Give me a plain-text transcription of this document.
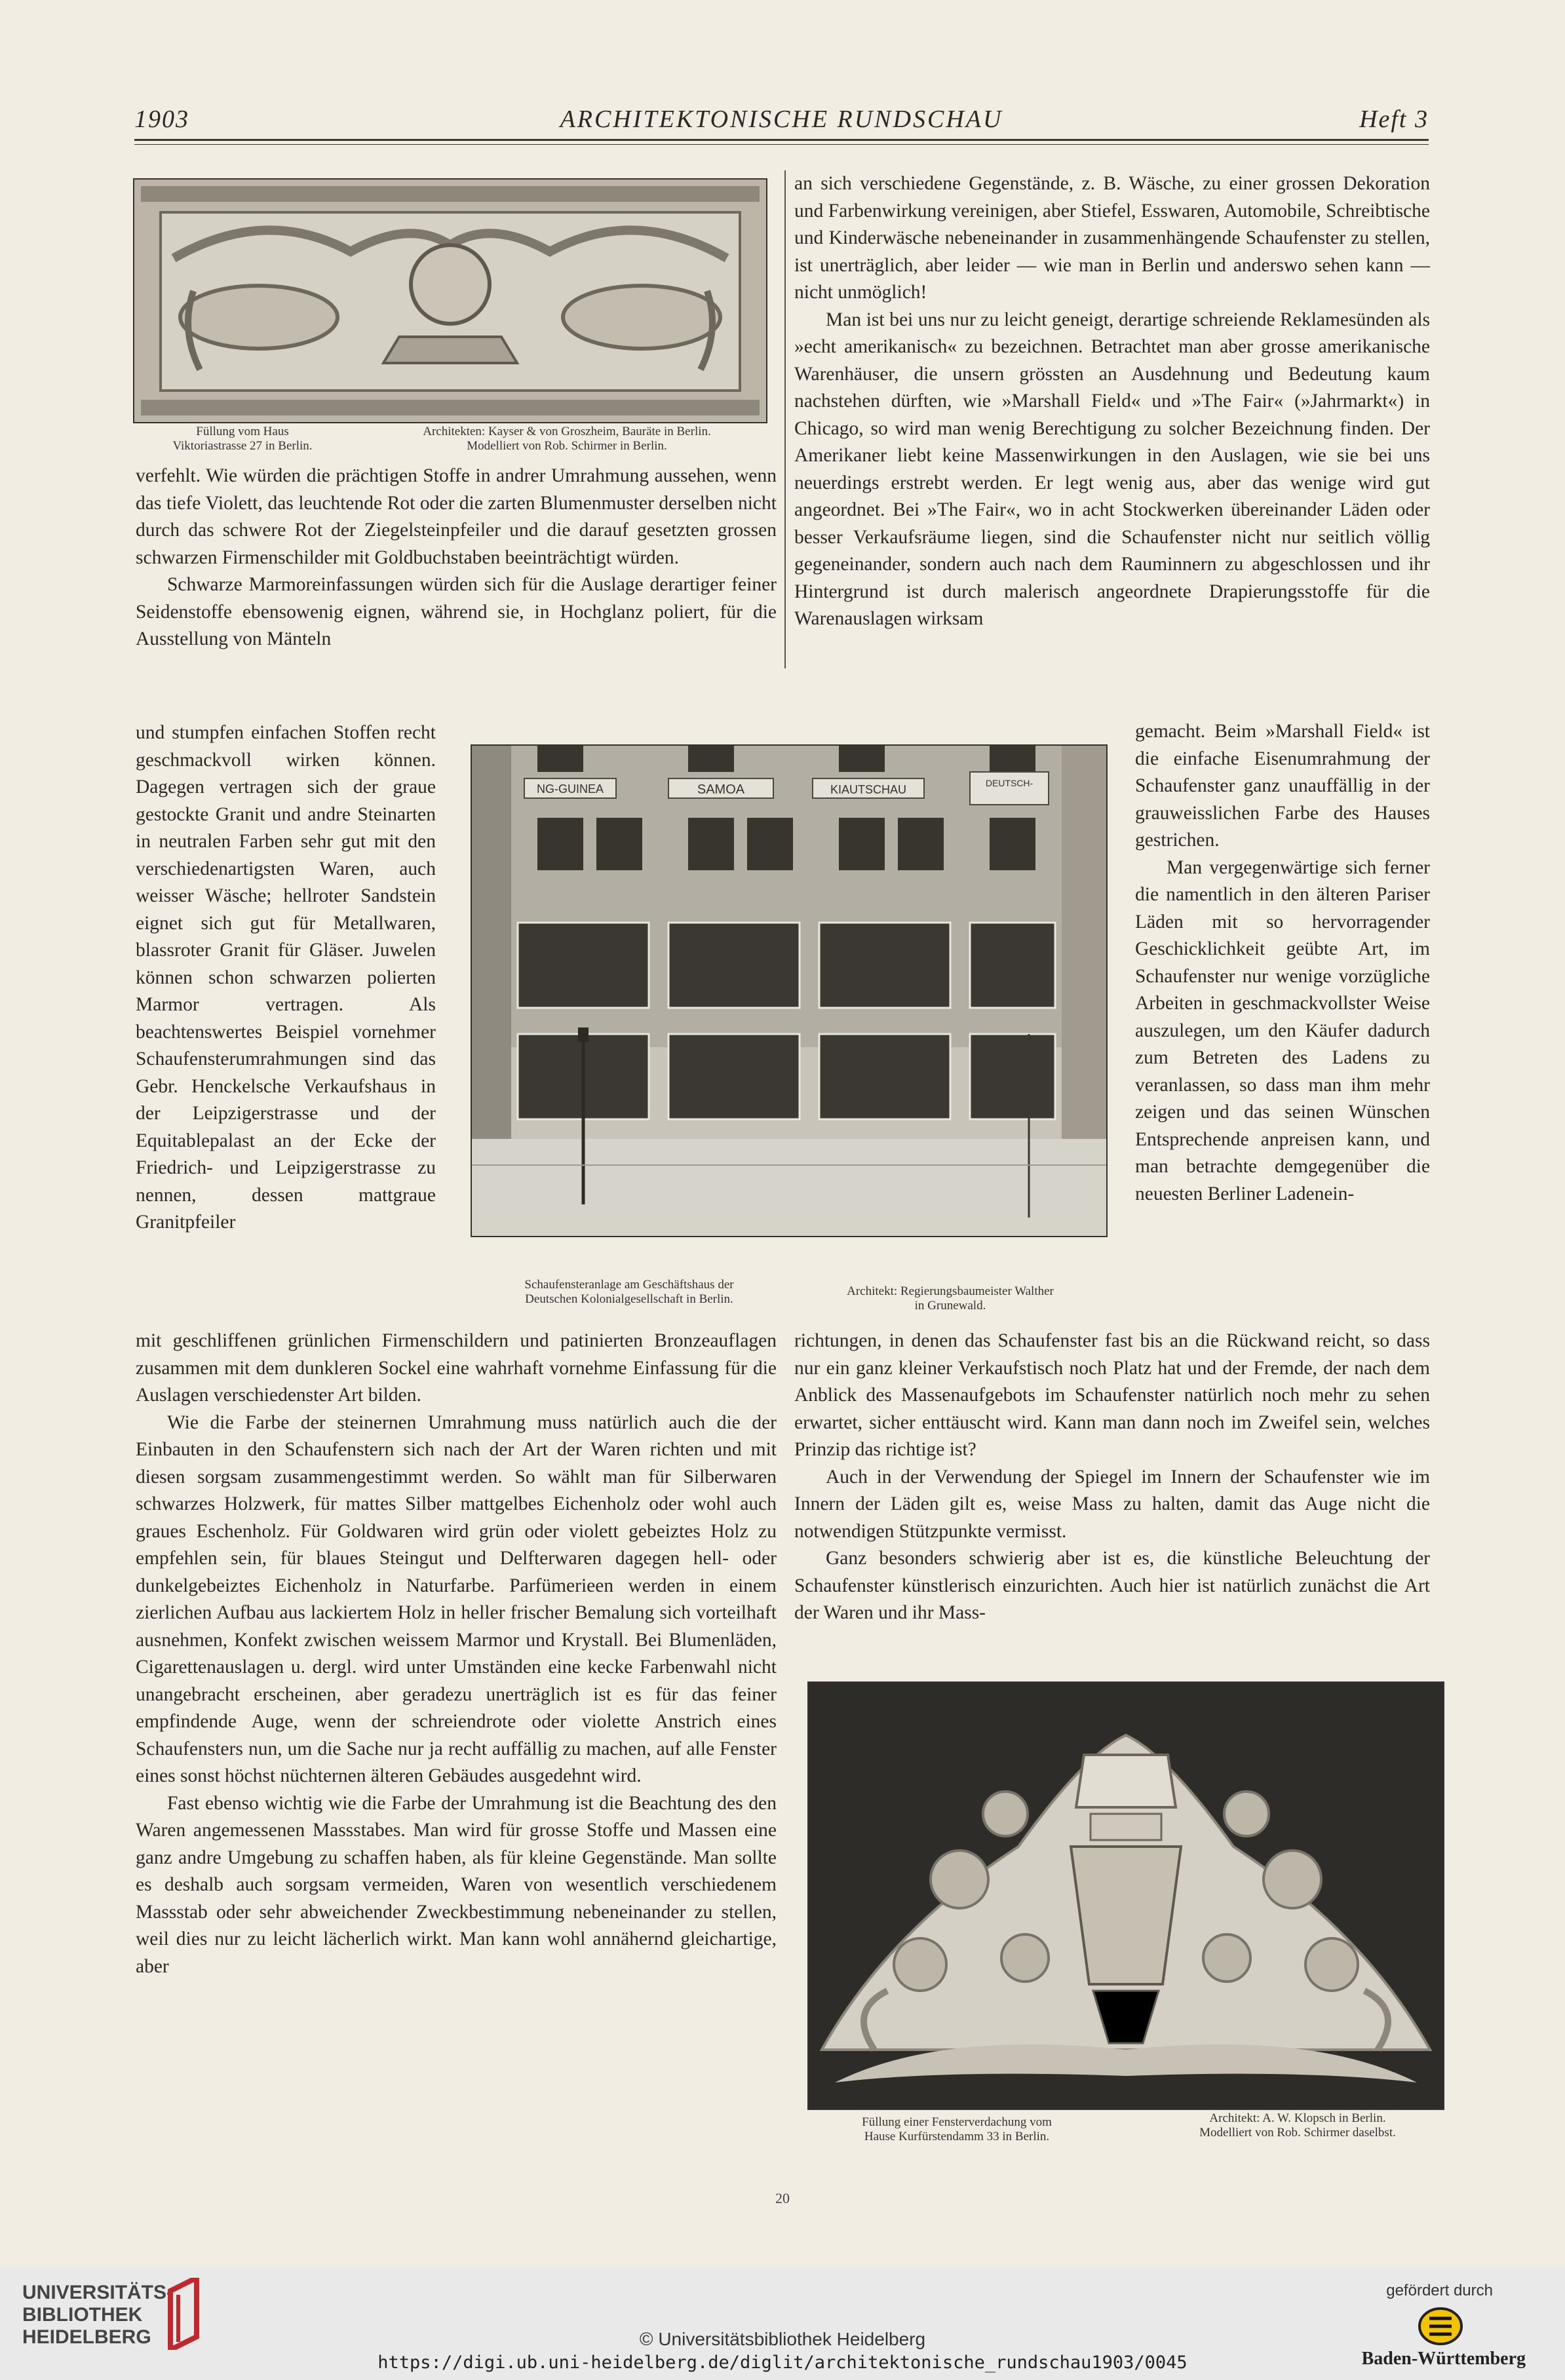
1903	ARCHITEKTONISCHE RUNDSCHAU	Heft 3
Füllung vom Haus
Viktoriastrasse 27 in Berlin.
Architekten: Kayser & von Groszheim, Bauräte in Berlin.
Modelliert von Rob. Schirmer in Berlin.

verfehlt. Wie würden die prächtigen Stoffe in andrer Umrahmung aussehen, wenn das tiefe Violett, das leuchtende Rot oder die zarten Blumenmuster derselben nicht durch das schwere Rot der Ziegelsteinpfeiler und die darauf gesetzten grossen schwarzen Firmenschilder mit Goldbuchstaben beeinträchtigt würden.

Schwarze Marmoreinfassungen würden sich für die Auslage derartiger feiner Seidenstoffe ebensowenig eignen, während sie, in Hochglanz poliert, für die Ausstellung von Mänteln

und stumpfen einfachen Stoffen recht geschmackvoll wirken können. Dagegen vertragen sich der graue gestockte Granit und andre Steinarten in neutralen Farben sehr gut mit den verschiedenartigsten Waren, auch weisser Wäsche; hellroter Sandstein eignet sich gut für Metallwaren, blassroter Granit für Gläser. Juwelen können schon schwarzen polierten Marmor vertragen. Als beachtenswertes Beispiel vornehmer Schaufensterumrahmungen sind das Gebr. Henckelsche Verkaufshaus in der Leipzigerstrasse und der Equitablepalast an der Ecke der Friedrich- und Leipzigerstrasse zu nennen, dessen mattgraue Granitpfeiler

NG-GUINEA	SAMOA	KIAUTSCHAU	DEUTSCH-
Schaufensteranlage am Geschäftshaus der
Deutschen Kolonialgesellschaft in Berlin.
Architekt: Regierungsbaumeister Walther
in Grunewald.

mit geschliffenen grünlichen Firmenschildern und patinierten Bronzeauflagen zusammen mit dem dunkleren Sockel eine wahrhaft vornehme Einfassung für die Auslagen verschiedenster Art bilden.

Wie die Farbe der steinernen Umrahmung muss natürlich auch die der Einbauten in den Schaufenstern sich nach der Art der Waren richten und mit diesen sorgsam zusammengestimmt werden. So wählt man für Silberwaren schwarzes Holzwerk, für mattes Silber mattgelbes Eichenholz oder wohl auch graues Eschenholz. Für Goldwaren wird grün oder violett gebeiztes Holz zu empfehlen sein, für blaues Steingut und Delfterwaren dagegen hell- oder dunkelgebeiztes Eichenholz in Naturfarbe. Parfümerieen werden in einem zierlichen Aufbau aus lackiertem Holz in heller frischer Bemalung sich vorteilhaft ausnehmen, Konfekt zwischen weissem Marmor und Krystall. Bei Blumenläden, Cigarettenauslagen u. dergl. wird unter Umständen eine kecke Farbenwahl nicht unangebracht erscheinen, aber geradezu unerträglich ist es für das feiner empfindende Auge, wenn der schreiendrote oder violette Anstrich eines Schaufensters nun, um die Sache nur ja recht auffällig zu machen, auf alle Fenster eines sonst höchst nüchternen älteren Gebäudes ausgedehnt wird.

Fast ebenso wichtig wie die Farbe der Umrahmung ist die Beachtung des den Waren angemessenen Massstabes. Man wird für grosse Stoffe und Massen eine ganz andre Umgebung zu schaffen haben, als für kleine Gegenstände. Man sollte es deshalb auch sorgsam vermeiden, Waren von wesentlich verschiedenem Massstab oder sehr abweichender Zweckbestimmung nebeneinander zu stellen, weil dies nur zu leicht lächerlich wirkt. Man kann wohl annähernd gleichartige, aber

an sich verschiedene Gegenstände, z. B. Wäsche, zu einer grossen Dekoration und Farbenwirkung vereinigen, aber Stiefel, Esswaren, Automobile, Schreibtische und Kinderwäsche nebeneinander in zusammenhängende Schaufenster zu stellen, ist unerträglich, aber leider — wie man in Berlin und anderswo sehen kann — nicht unmöglich!

Man ist bei uns nur zu leicht geneigt, derartige schreiende Reklamesünden als »echt amerikanisch« zu bezeichnen. Betrachtet man aber grosse amerikanische Warenhäuser, die unsern grössten an Ausdehnung und Bedeutung kaum nachstehen dürften, wie »Marshall Field« und »The Fair« (»Jahrmarkt«) in Chicago, so wird man wenig Berechtigung zu solcher Bezeichnung finden. Der Amerikaner liebt keine Massenwirkungen in den Auslagen, wie sie bei uns neuerdings erstrebt werden. Er legt wenig aus, aber das wenige wird gut angeordnet. Bei »The Fair«, wo in acht Stockwerken übereinander Läden oder besser Verkaufsräume liegen, sind die Schaufenster nicht nur seitlich völlig gegeneinander, sondern auch nach dem Rauminnern zu abgeschlossen und ihr Hintergrund ist durch malerisch angeordnete Drapierungsstoffe für die Warenauslagen wirksam

gemacht. Beim »Marshall Field« ist die einfache Eisenumrahmung der Schaufenster ganz unauffällig in der grauweisslichen Farbe des Hauses gestrichen.

Man vergegenwärtige sich ferner die namentlich in den älteren Pariser Läden mit so hervorragender Geschicklichkeit geübte Art, im Schaufenster nur wenige vorzügliche Arbeiten in geschmackvollster Weise auszulegen, um den Käufer dadurch zum Betreten des Ladens zu veranlassen, so dass man ihm mehr zeigen und das seinen Wünschen Entsprechende anpreisen kann, und man betrachte demgegenüber die neuesten Berliner Ladenein-

richtungen, in denen das Schaufenster fast bis an die Rückwand reicht, so dass nur ein ganz kleiner Verkaufstisch noch Platz hat und der Fremde, der nach dem Anblick des Massenaufgebots im Schaufenster natürlich noch mehr zu sehen erwartet, sicher enttäuscht wird. Kann man dann noch im Zweifel sein, welches Prinzip das richtige ist?

Auch in der Verwendung der Spiegel im Innern der Schaufenster wie im Innern der Läden gilt es, weise Mass zu halten, damit das Auge nicht die notwendigen Stützpunkte vermisst.

Ganz besonders schwierig aber ist es, die künstliche Beleuchtung der Schaufenster künstlerisch einzurichten. Auch hier ist natürlich zunächst die Art der Waren und ihr Mass-

Füllung einer Fensterverdachung vom
Hause Kurfürstendamm 33 in Berlin.
Architekt: A. W. Klopsch in Berlin.
Modelliert von Rob. Schirmer daselbst.
20
UNIVERSITÄTS-
BIBLIOTHEK
HEIDELBERG	© Universitätsbibliothek Heidelberg
https://digi.ub.uni-heidelberg.de/diglit/architektonische_rundschau1903/0045
gefördert durch
Baden-Württemberg
